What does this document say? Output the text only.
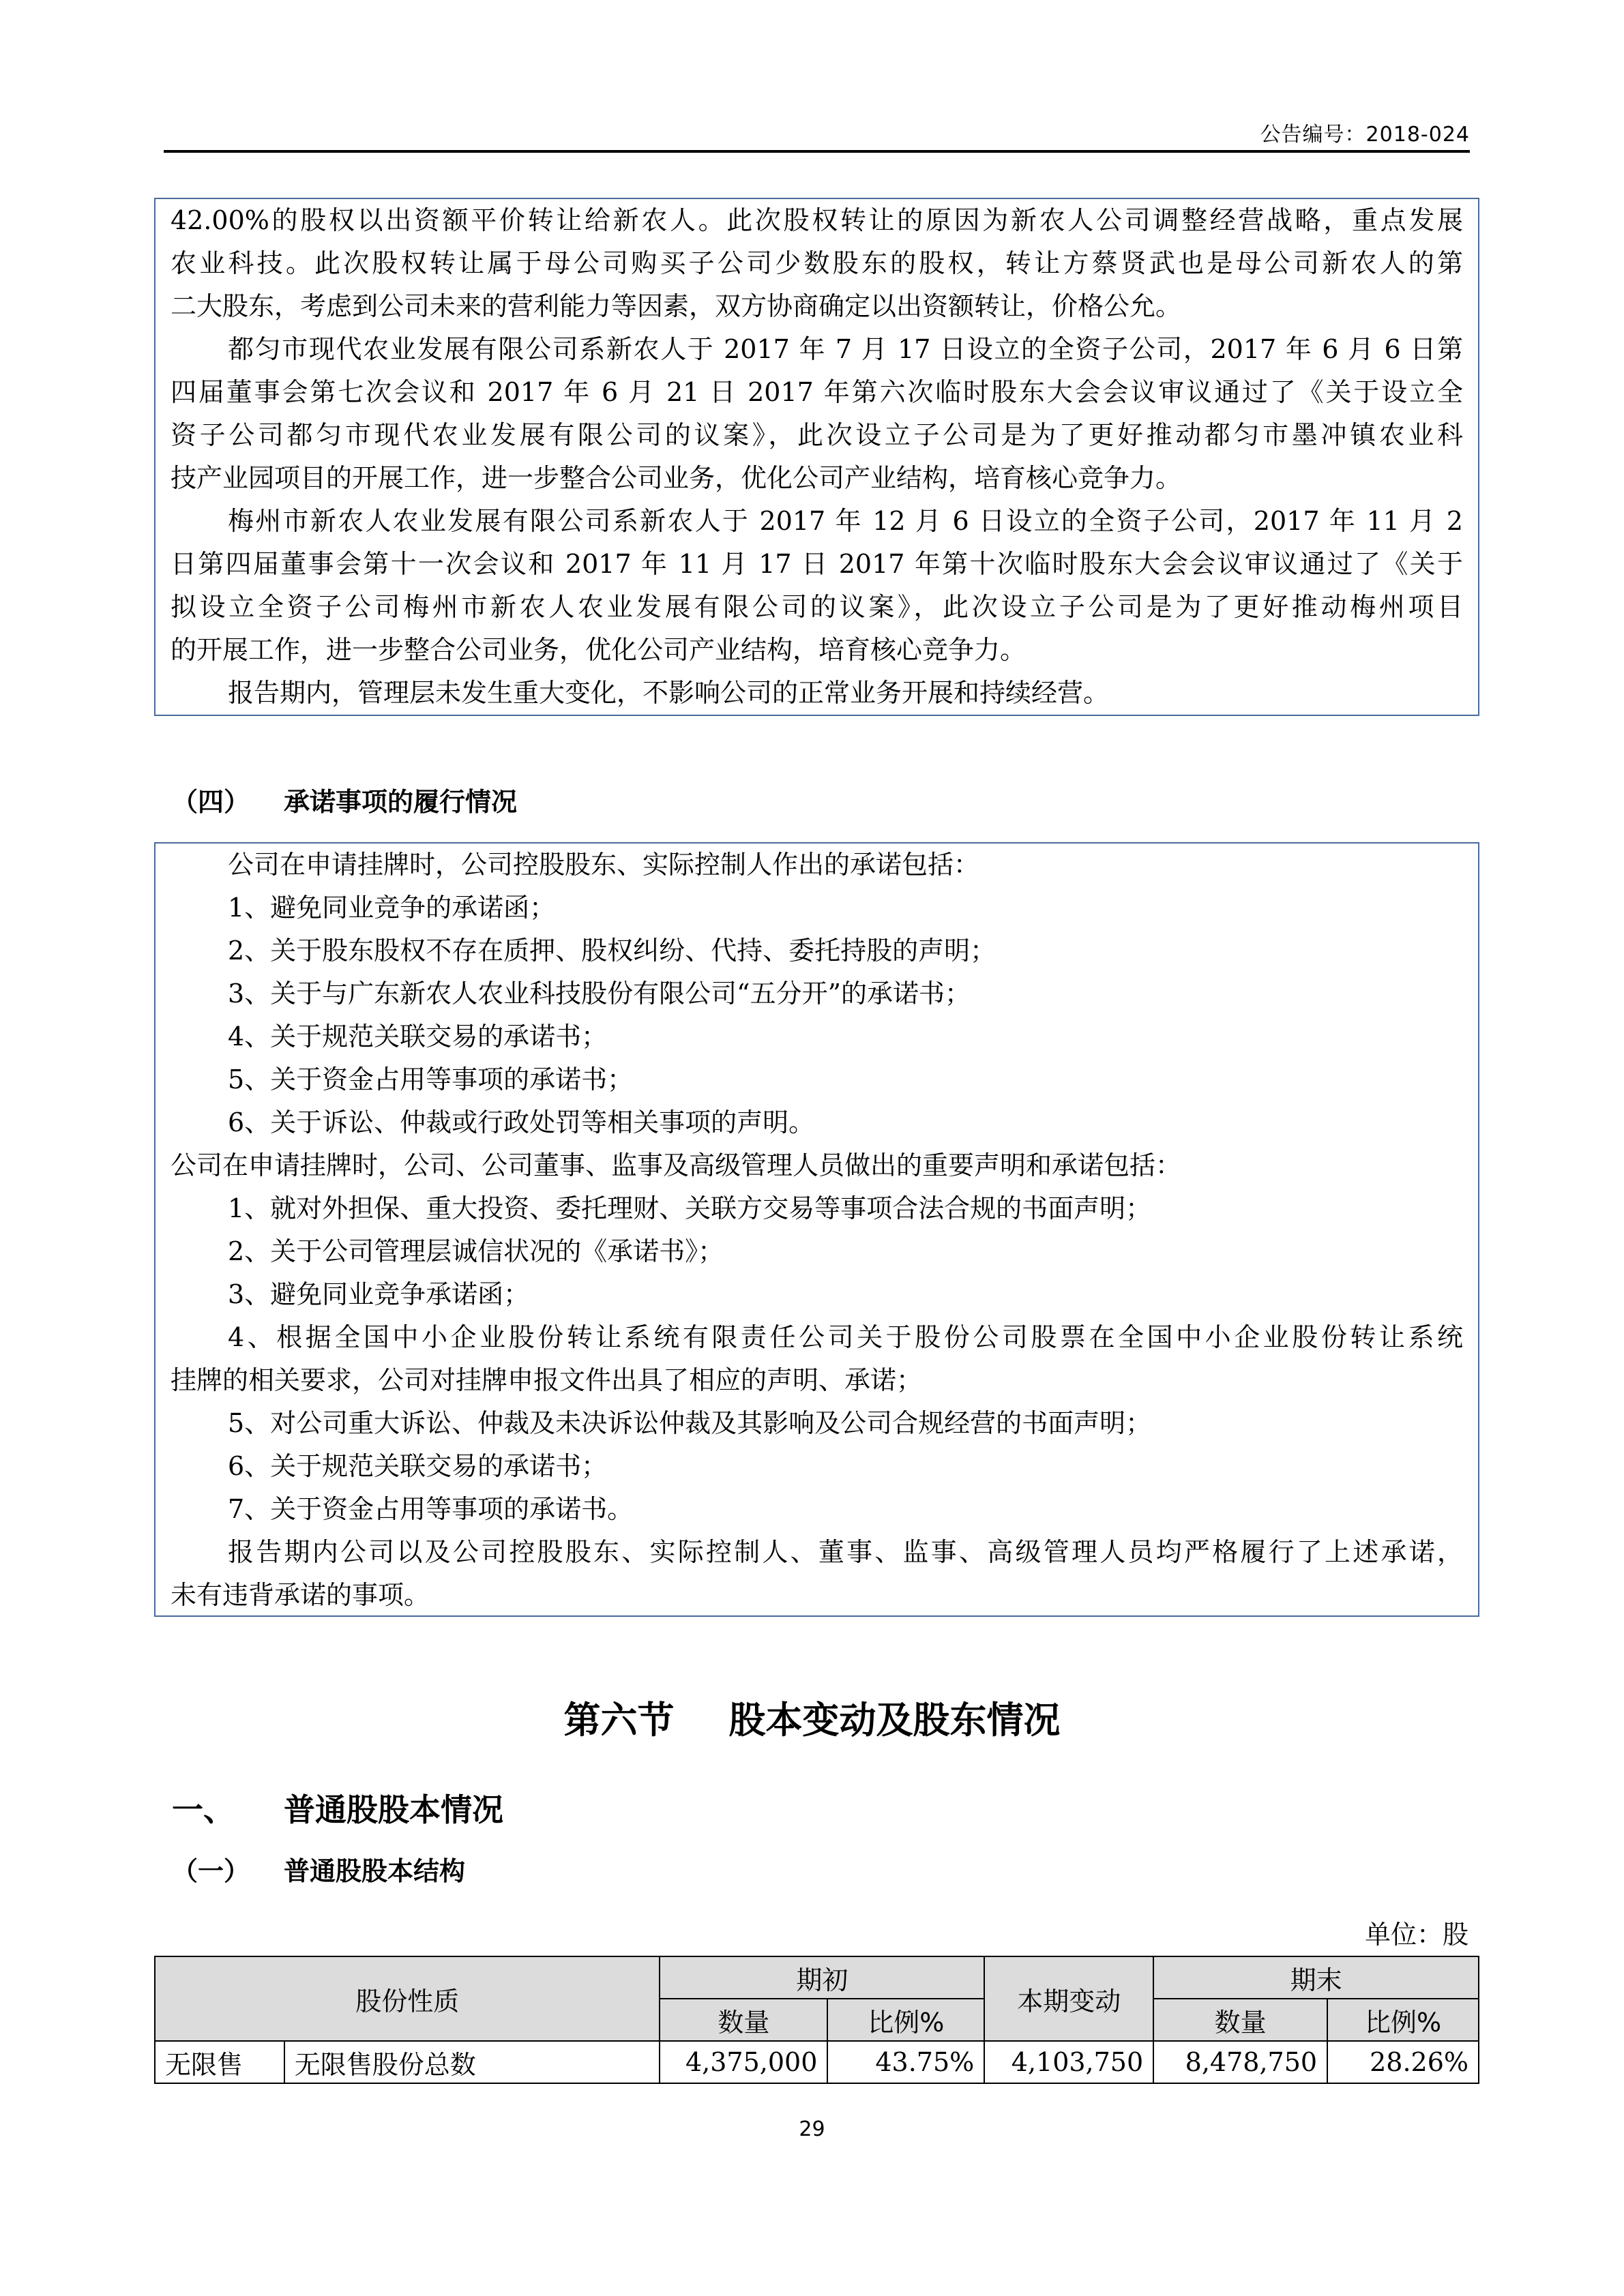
公告编号：2018-024
42.00%的股权以出资额平价转让给新农人。此次股权转让的原因为新农人公司调整经营战略，重点发展
农业科技。此次股权转让属于母公司购买子公司少数股东的股权，转让方蔡贤武也是母公司新农人的第
二大股东，考虑到公司未来的营利能力等因素，双方协商确定以出资额转让，价格公允。
都匀市现代农业发展有限公司系新农人于 2017 年 7 月 17 日设立的全资子公司，2017 年 6 月 6 日第
四届董事会第七次会议和 2017 年 6 月 21 日 2017 年第六次临时股东大会会议审议通过了《关于设立全
资子公司都匀市现代农业发展有限公司的议案》，此次设立子公司是为了更好推动都匀市墨冲镇农业科
技产业园项目的开展工作，进一步整合公司业务，优化公司产业结构，培育核心竞争力。
梅州市新农人农业发展有限公司系新农人于 2017 年 12 月 6 日设立的全资子公司，2017 年 11 月 2
日第四届董事会第十一次会议和 2017 年 11 月 17 日 2017 年第十次临时股东大会会议审议通过了《关于
拟设立全资子公司梅州市新农人农业发展有限公司的议案》，此次设立子公司是为了更好推动梅州项目
的开展工作，进一步整合公司业务，优化公司产业结构，培育核心竞争力。
报告期内，管理层未发生重大变化，不影响公司的正常业务开展和持续经营。
（四） 承诺事项的履行情况
公司在申请挂牌时，公司控股股东、实际控制人作出的承诺包括：
1、避免同业竞争的承诺函；
2、关于股东股权不存在质押、股权纠纷、代持、委托持股的声明；
3、关于与广东新农人农业科技股份有限公司“五分开”的承诺书；
4、关于规范关联交易的承诺书；
5、关于资金占用等事项的承诺书；
6、关于诉讼、仲裁或行政处罚等相关事项的声明。
公司在申请挂牌时，公司、公司董事、监事及高级管理人员做出的重要声明和承诺包括：
1、就对外担保、重大投资、委托理财、关联方交易等事项合法合规的书面声明；
2、关于公司管理层诚信状况的《承诺书》；
3、避免同业竞争承诺函；
4、根据全国中小企业股份转让系统有限责任公司关于股份公司股票在全国中小企业股份转让系统
挂牌的相关要求，公司对挂牌申报文件出具了相应的声明、承诺；
5、对公司重大诉讼、仲裁及未决诉讼仲裁及其影响及公司合规经营的书面声明；
6、关于规范关联交易的承诺书；
7、关于资金占用等事项的承诺书。
报告期内公司以及公司控股股东、实际控制人、董事、监事、高级管理人员均严格履行了上述承诺，
未有违背承诺的事项。
第六节 股本变动及股东情况
一、 普通股股本情况
（一） 普通股股本结构
单位：股
股份性质		期初		本期变动	期末	
		数量	比例%		数量	比例%
无限售	无限售股份总数	4,375,000	43.75%	4,103,750	8,478,750	28.26%
29
